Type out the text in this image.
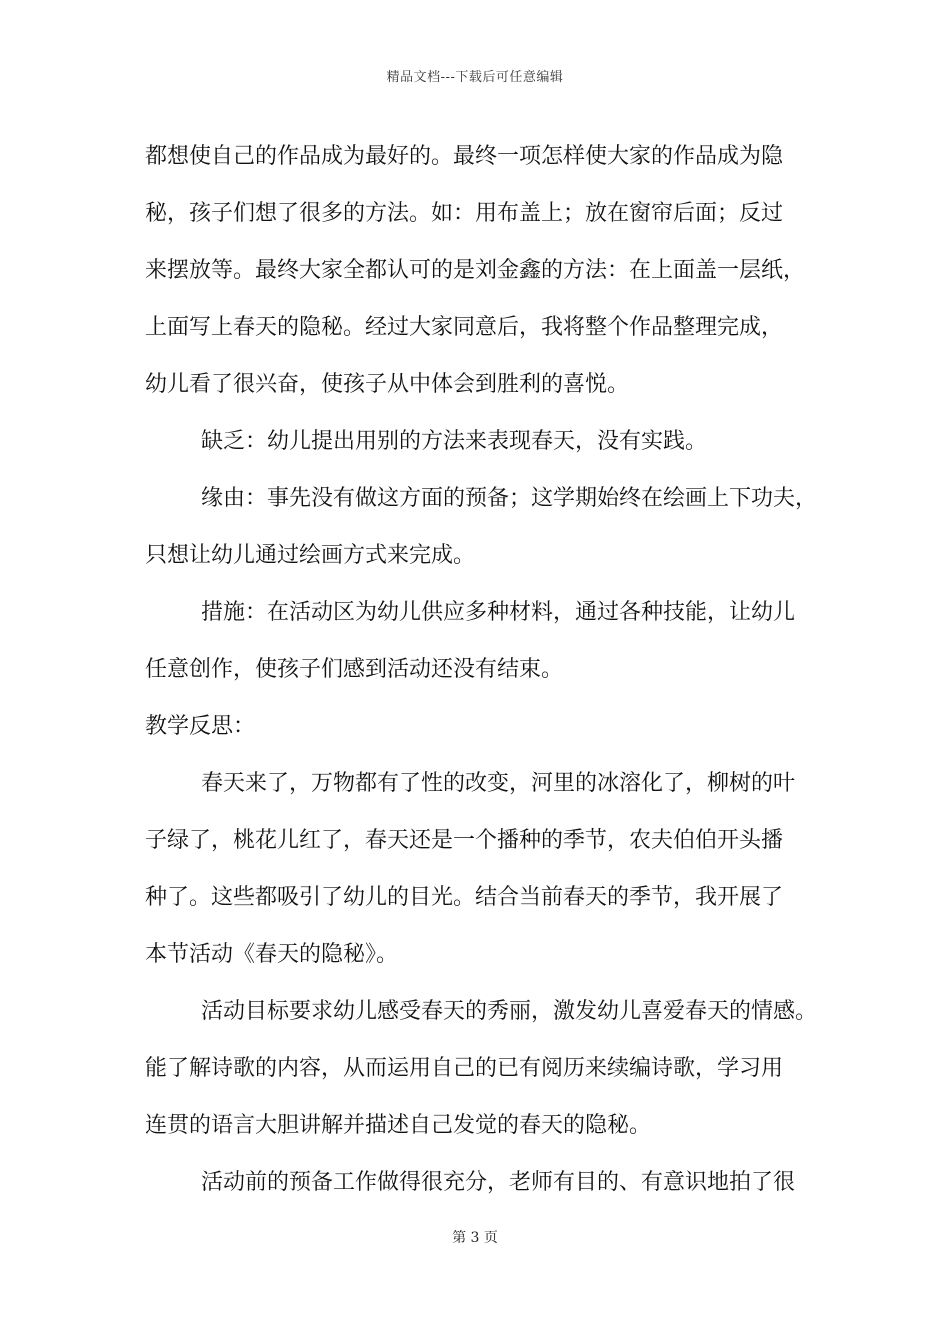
精品文档---下载后可任意编辑
都想使自己的作品成为最好的。最终一项怎样使大家的作品成为隐
秘，孩子们想了很多的方法。如：用布盖上；放在窗帘后面；反过
来摆放等。最终大家全都认可的是刘金鑫的方法：在上面盖一层纸，
上面写上春天的隐秘。经过大家同意后，我将整个作品整理完成，
幼儿看了很兴奋，使孩子从中体会到胜利的喜悦。
缺乏：幼儿提出用别的方法来表现春天，没有实践。
缘由：事先没有做这方面的预备；这学期始终在绘画上下功夫，
只想让幼儿通过绘画方式来完成。
措施：在活动区为幼儿供应多种材料，通过各种技能，让幼儿
任意创作，使孩子们感到活动还没有结束。
教学反思：
春天来了，万物都有了性的改变，河里的冰溶化了，柳树的叶
子绿了，桃花儿红了，春天还是一个播种的季节，农夫伯伯开头播
种了。这些都吸引了幼儿的目光。结合当前春天的季节，我开展了
本节活动《春天的隐秘》。
活动目标要求幼儿感受春天的秀丽，激发幼儿喜爱春天的情感。
能了解诗歌的内容，从而运用自己的已有阅历来续编诗歌，学习用
连贯的语言大胆讲解并描述自己发觉的春天的隐秘。
活动前的预备工作做得很充分，老师有目的、有意识地拍了很
第 3 页
